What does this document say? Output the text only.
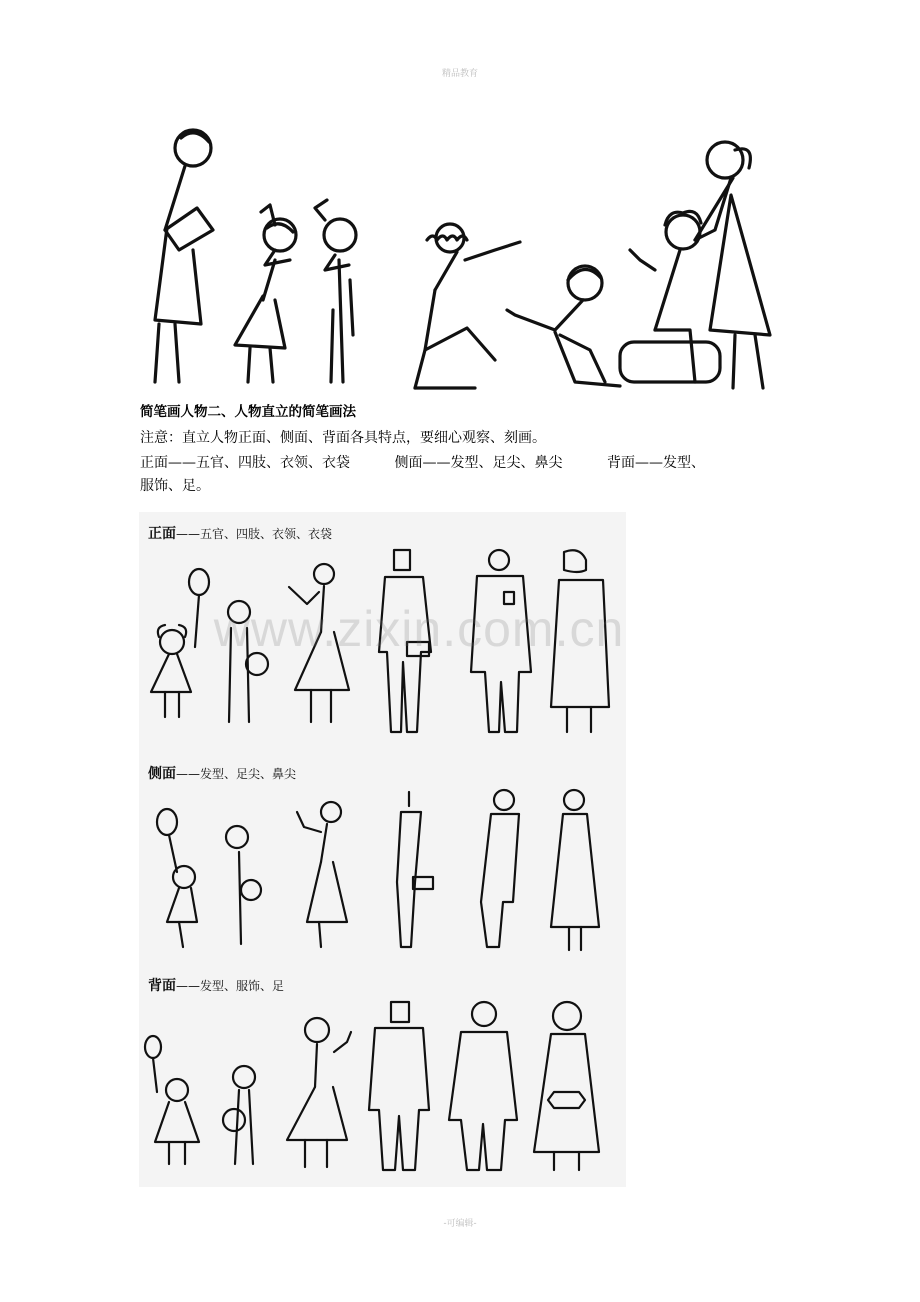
精品教育
简笔画人物二、人物直立的简笔画法
注意：直立人物正面、侧面、背面各具特点，要细心观察、刻画。
正面——五官、四肢、衣领、衣袋	侧面——发型、足尖、鼻尖	背面——发型、
服饰、足。
正面——五官、四肢、衣领、衣袋
侧面——发型、足尖、鼻尖
背面——发型、服饰、足
www.zixin.com.cn
-可编辑-
